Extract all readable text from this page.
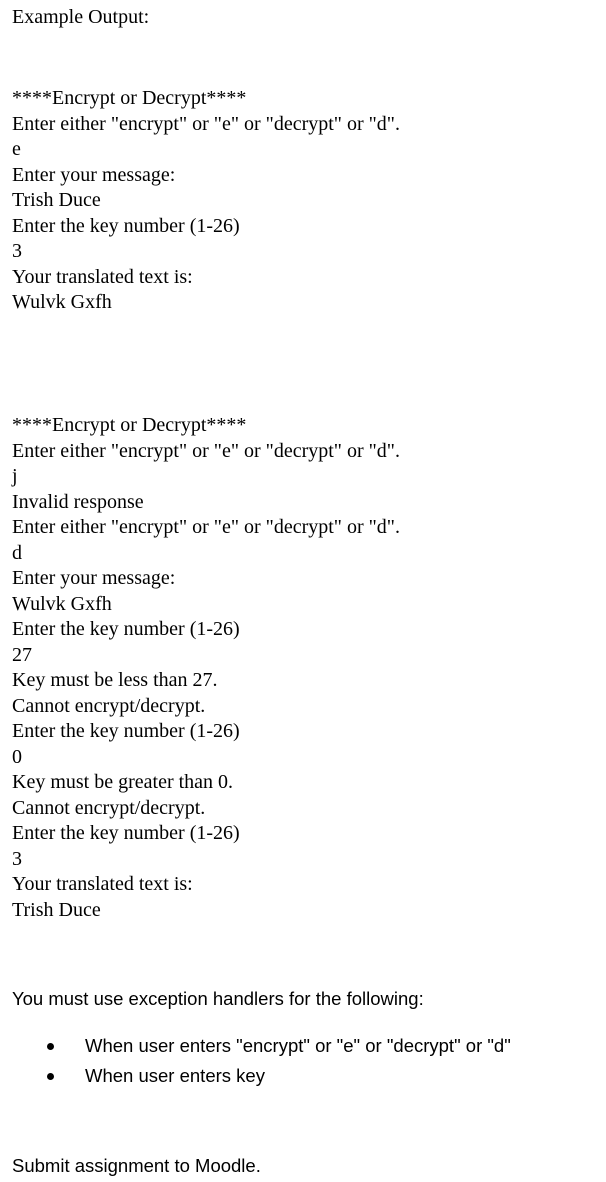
Example Output:

****Encrypt or Decrypt****

Enter either "encrypt" or "e" or "decrypt" or "d".

e

Enter your message:

Trish Duce

Enter the key number (1-26)

3

Your translated text is:

Wulvk Gxfh

****Encrypt or Decrypt****

Enter either "encrypt" or "e" or "decrypt" or "d".

j

Invalid response

Enter either "encrypt" or "e" or "decrypt" or "d".

d

Enter your message:

Wulvk Gxfh

Enter the key number (1-26)

27

Key must be less than 27.

Cannot encrypt/decrypt.

Enter the key number (1-26)

0

Key must be greater than 0.

Cannot encrypt/decrypt.

Enter the key number (1-26)

3

Your translated text is:

Trish Duce

You must use exception handlers for the following:

When user enters "encrypt" or "e" or "decrypt" or "d"
When user enters key

Submit assignment to Moodle.
